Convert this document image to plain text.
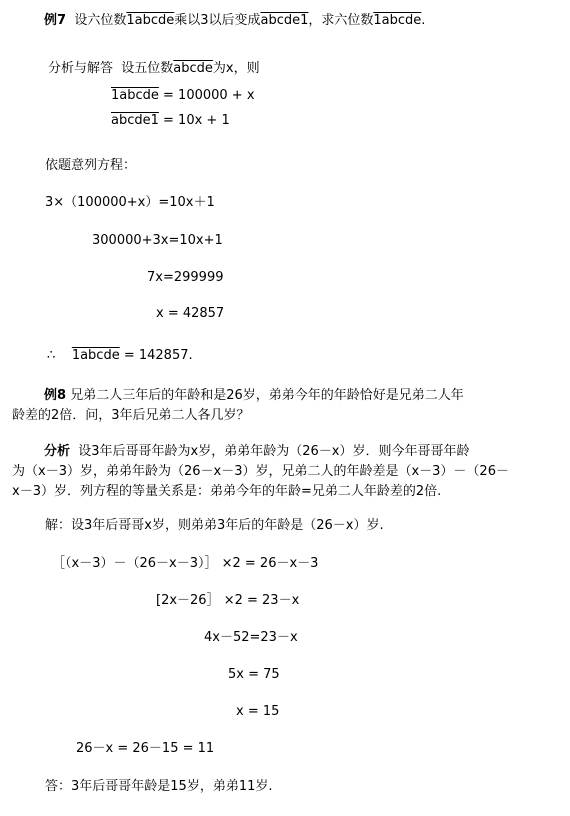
例7 设六位数1abcde乘以3以后变成abcde1，求六位数1abcde.
分析与解答 设五位数abcde为x，则
1abcde = 100000 + x
abcde1 = 10x + 1
依题意列方程：
3×（100000+x）=10x＋1
300000+3x=10x+1
7x=299999
x = 42857
∴ 1abcde = 142857.
例8 兄弟二人三年后的年龄和是26岁，弟弟今年的年龄恰好是兄弟二人年
龄差的2倍．问，3年后兄弟二人各几岁？
分析 设3年后哥哥年龄为x岁，弟弟年龄为（26－x）岁．则今年哥哥年龄
为（x－3）岁，弟弟年龄为（26－x－3）岁，兄弟二人的年龄差是（x－3）－（26－
x－3）岁．列方程的等量关系是：弟弟今年的年龄=兄弟二人年龄差的2倍.
解：设3年后哥哥x岁，则弟弟3年后的年龄是（26－x）岁.
［（x－3）－（26－x－3）］ ×2 = 26－x－3
[2x－26］ ×2 = 23－x
4x－52=23－x
5x = 75
x = 15
26－x = 26－15 = 11
答：3年后哥哥年龄是15岁，弟弟11岁.
